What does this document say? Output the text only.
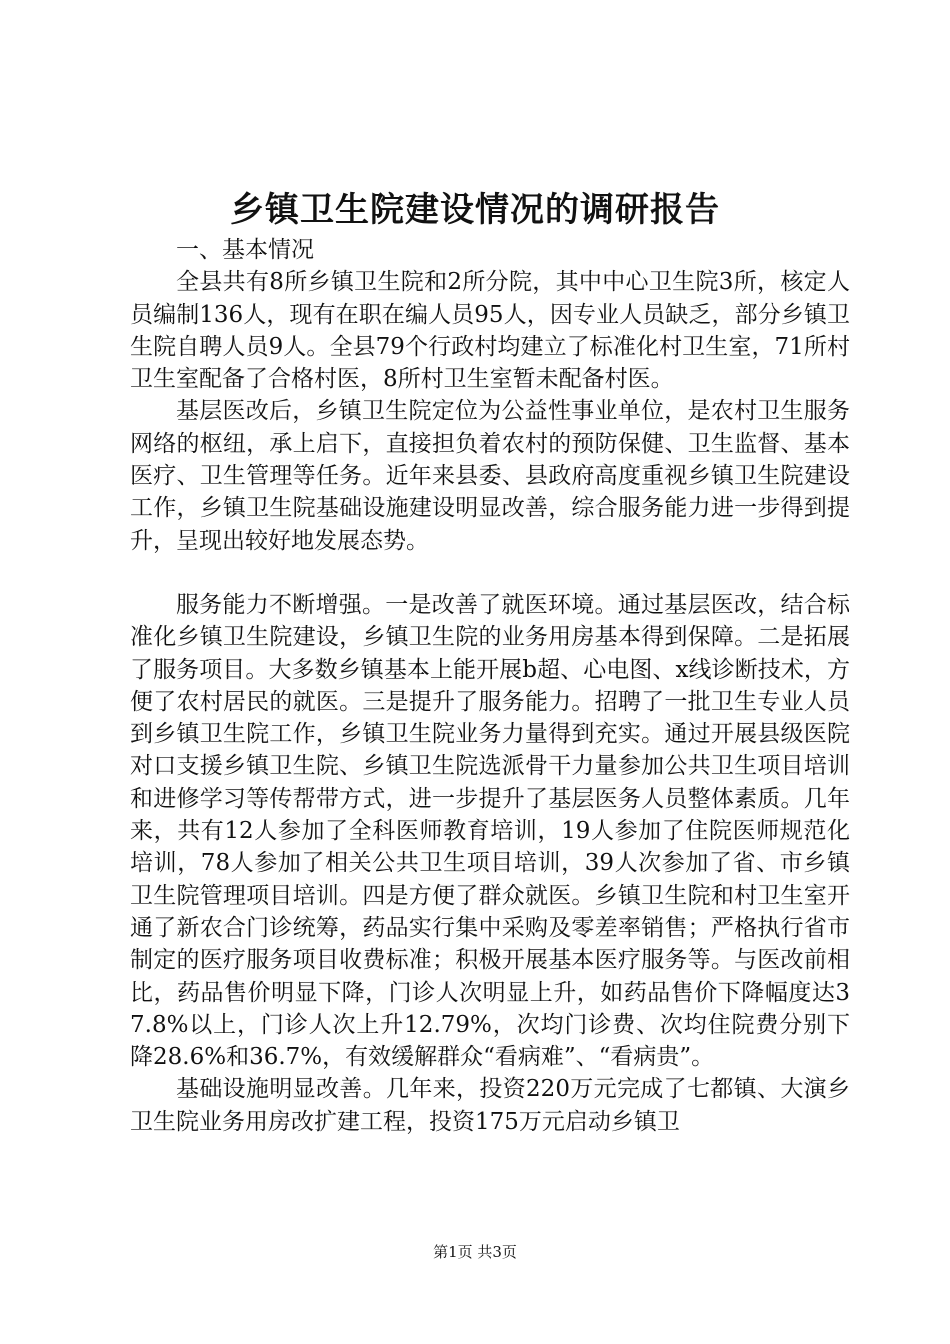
乡镇卫生院建设情况的调研报告

一、基本情况

全县共有8所乡镇卫生院和2所分院，其中中心卫生院3所，核定人员编制136人，现有在职在编人员95人，因专业人员缺乏，部分乡镇卫生院自聘人员9人。全县79个行政村均建立了标准化村卫生室，71所村卫生室配备了合格村医，8所村卫生室暂未配备村医。

基层医改后，乡镇卫生院定位为公益性事业单位，是农村卫生服务网络的枢纽，承上启下，直接担负着农村的预防保健、卫生监督、基本医疗、卫生管理等任务。近年来县委、县政府高度重视乡镇卫生院建设工作，乡镇卫生院基础设施建设明显改善，综合服务能力进一步得到提升，呈现出较好地发展态势。

服务能力不断增强。一是改善了就医环境。通过基层医改，结合标准化乡镇卫生院建设，乡镇卫生院的业务用房基本得到保障。二是拓展了服务项目。大多数乡镇基本上能开展b超、心电图、x线诊断技术，方便了农村居民的就医。三是提升了服务能力。招聘了一批卫生专业人员到乡镇卫生院工作，乡镇卫生院业务力量得到充实。通过开展县级医院对口支援乡镇卫生院、乡镇卫生院选派骨干力量参加公共卫生项目培训和进修学习等传帮带方式，进一步提升了基层医务人员整体素质。几年来，共有12人参加了全科医师教育培训，19人参加了住院医师规范化培训，78人参加了相关公共卫生项目培训，39人次参加了省、市乡镇卫生院管理项目培训。四是方便了群众就医。乡镇卫生院和村卫生室开通了新农合门诊统筹，药品实行集中采购及零差率销售；严格执行省市制定的医疗服务项目收费标准；积极开展基本医疗服务等。与医改前相比，药品售价明显下降，门诊人次明显上升，如药品售价下降幅度达37.8%以上，门诊人次上升12.79%，次均门诊费、次均住院费分别下降28.6%和36.7%，有效缓解群众“看病难”、“看病贵”。

基础设施明显改善。几年来，投资220万元完成了七都镇、大演乡卫生院业务用房改扩建工程，投资175万元启动乡镇卫

第1页 共3页
